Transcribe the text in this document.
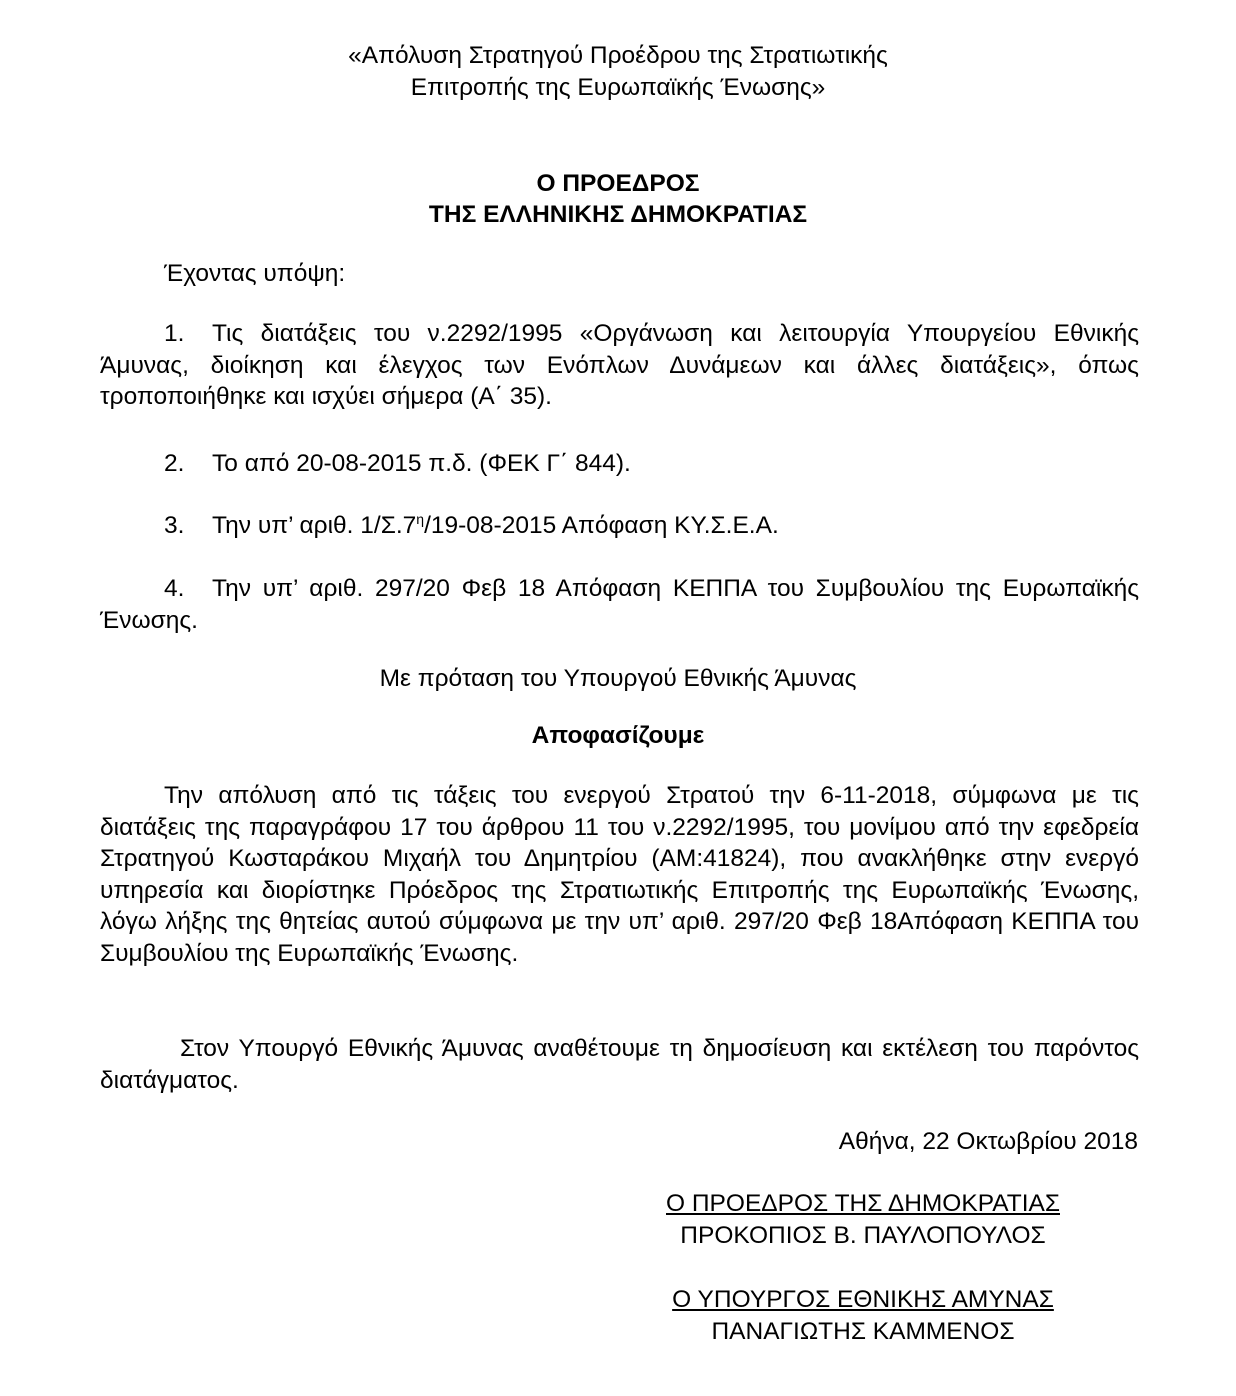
«Απόλυση Στρατηγού Προέδρου της Στρατιωτικής
Επιτροπής της Ευρωπαϊκής Ένωσης»
Ο ΠΡΟΕΔΡΟΣ
ΤΗΣ ΕΛΛΗΝΙΚΗΣ ΔΗΜΟΚΡΑΤΙΑΣ
Έχοντας υπόψη:
1. Τις διατάξεις του ν.2292/1995 «Οργάνωση και λειτουργία Υπουργείου Εθνικής Άμυνας, διοίκηση και έλεγχος των Ενόπλων Δυνάμεων και άλλες διατάξεις», όπως τροποποιήθηκε και ισχύει σήμερα (Α΄ 35).
2. Το από 20-08-2015 π.δ. (ΦΕΚ Γ΄ 844).
3. Την υπ’ αριθ. $1/\Sigma.7^\eta/19-08-2015$ Απόφαση ΚΥ.Σ.Ε.Α.
4. Την υπ’ αριθ. 297/20 Φεβ 18 Απόφαση ΚΕΠΠΑ του Συμβουλίου της Ευρωπαϊκής Ένωσης.
Με πρόταση του Υπουργού Εθνικής Άμυνας
Αποφασίζουμε
Την απόλυση από τις τάξεις του ενεργού Στρατού την 6-11-2018, σύμφωνα με τις διατάξεις της παραγράφου 17 του άρθρου 11 του ν.2292/1995, του μονίμου από την εφεδρεία Στρατηγού Κωσταράκου Μιχαήλ του Δημητρίου (ΑΜ:41824), που ανακλήθηκε στην ενεργό υπηρεσία και διορίστηκε Πρόεδρος της Στρατιωτικής Επιτροπής της Ευρωπαϊκής Ένωσης, λόγω λήξης της θητείας αυτού σύμφωνα με την υπ’ αριθ. 297/20 Φεβ 18Απόφαση ΚΕΠΠΑ του Συμβουλίου της Ευρωπαϊκής Ένωσης.
Στον Υπουργό Εθνικής Άμυνας αναθέτουμε τη δημοσίευση και εκτέλεση του παρόντος διατάγματος.
Αθήνα, 22 Οκτωβρίου 2018
Ο ΠΡΟΕΔΡΟΣ ΤΗΣ ΔΗΜΟΚΡΑΤΙΑΣ
ΠΡΟΚΟΠΙΟΣ Β. ΠΑΥΛΟΠΟΥΛΟΣ
Ο ΥΠΟΥΡΓΟΣ ΕΘΝΙΚΗΣ ΑΜΥΝΑΣ
ΠΑΝΑΓΙΩΤΗΣ ΚΑΜΜΕΝΟΣ
